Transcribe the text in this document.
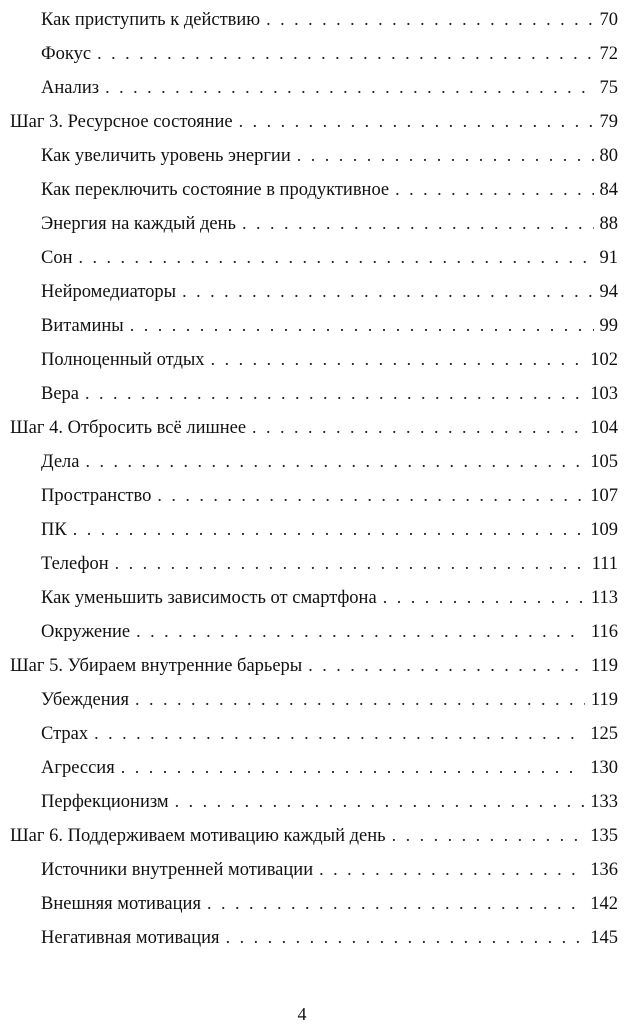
Как приступить к действию . . .	70
Фокус . . .	72
Анализ . . .	75
Шаг 3. Ресурсное состояние . . .	79
Как увеличить уровень энергии . . .	80
Как переключить состояние в продуктивное . . .	84
Энергия на каждый день . . .	88
Сон . . .	91
Нейромедиаторы . . .	94
Витамины . . .	99
Полноценный отдых . . .	102
Вера . . .	103
Шаг 4. Отбросить всё лишнее . . .	104
Дела . . .	105
Пространство . . .	107
ПК . . .	109
Телефон . . .	111
Как уменьшить зависимость от смартфона . . .	113
Окружение . . .	116
Шаг 5. Убираем внутренние барьеры . . .	119
Убеждения . . .	119
Страх . . .	125
Агрессия . . .	130
Перфекционизм . . .	133
Шаг 6. Поддерживаем мотивацию каждый день . . .	135
Источники внутренней мотивации . . .	136
Внешняя мотивация . . .	142
Негативная мотивация . . .	145
4
